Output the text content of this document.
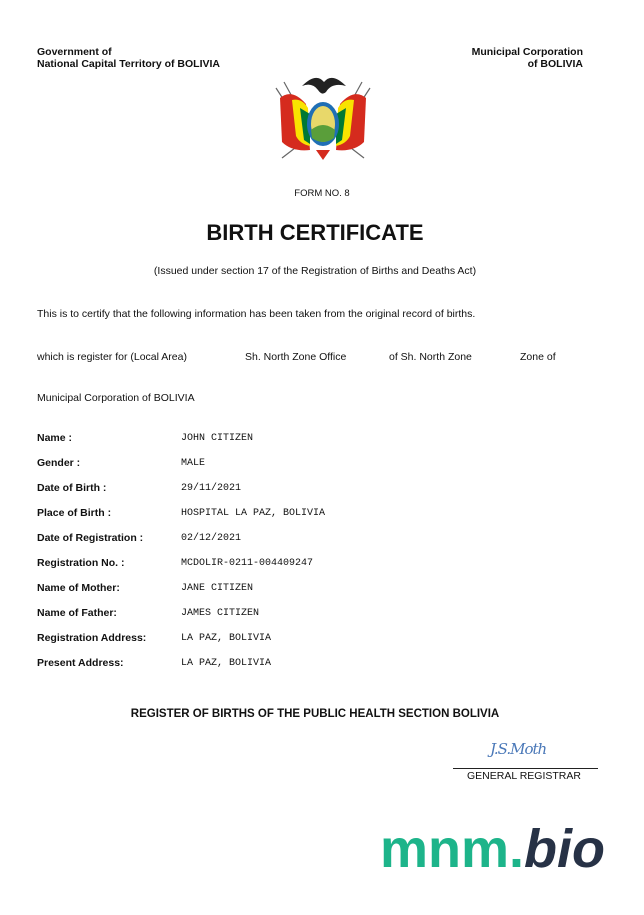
Government of
National Capital Territory of BOLIVIA
Municipal Corporation
of BOLIVIA
FORM NO. 8
BIRTH CERTIFICATE
(Issued under section 17 of the Registration of Births and Deaths Act)
This is to certify that the following information has been taken from the original record of births.
which is register for (Local Area)	Sh. North Zone Office	of Sh. North Zone	Zone of
Municipal Corporation of BOLIVIA
Name :	JOHN CITIZEN
Gender :	MALE
Date of Birth :	29/11/2021
Place of Birth :	HOSPITAL LA PAZ, BOLIVIA
Date of Registration :	02/12/2021
Registration No. :	MCDOLIR-0211-004409247
Name of Mother:	JANE CITIZEN
Name of Father:	JAMES CITIZEN
Registration Address:	LA PAZ, BOLIVIA
Present Address:	LA PAZ, BOLIVIA
REGISTER OF BIRTHS OF THE PUBLIC HEALTH SECTION BOLIVIA
J.S.Moth
GENERAL REGISTRAR
mnm.bio
